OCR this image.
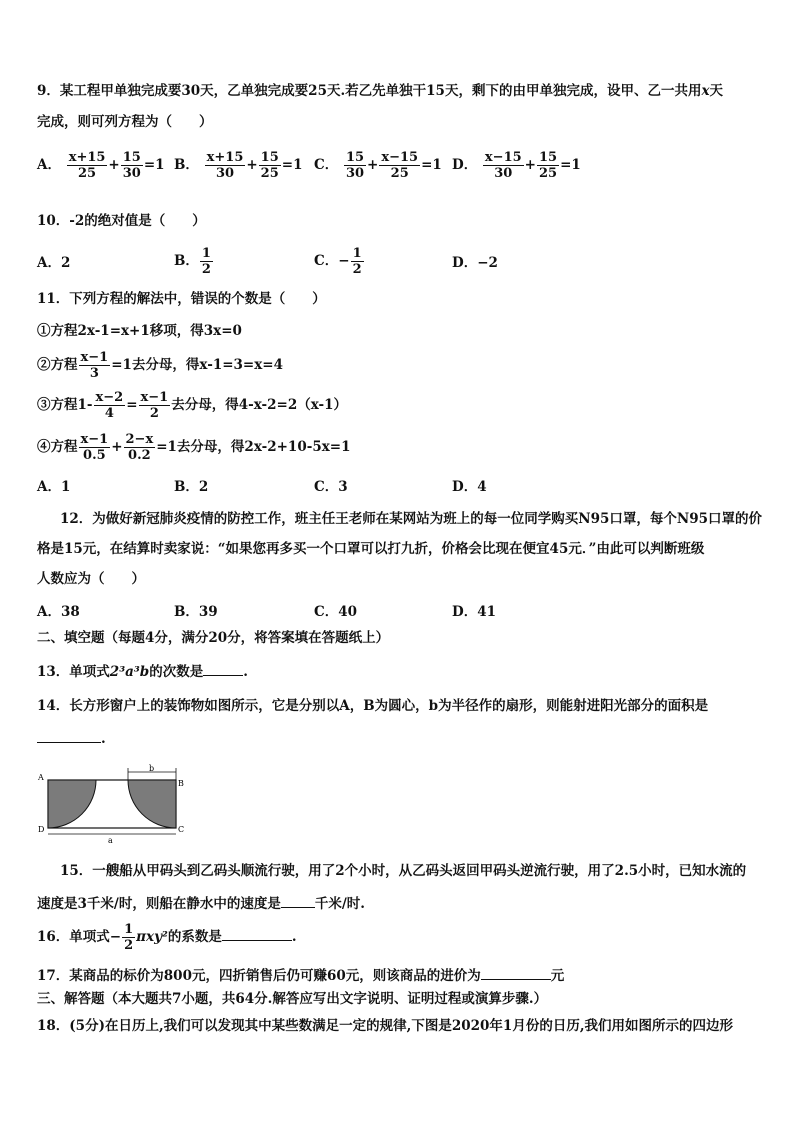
9．某工程甲单独完成要30天，乙单独完成要25天.若乙先单独干15天，剩下的由甲单独完成，设甲、乙一共用x天
完成，则可列方程为（　　）
A． $\frac{x+15}{25} + \frac{15}{30} =1$ B． $\frac{x+15}{30} + \frac{15}{25} =1$ C． $\frac{15}{30} + \frac{x-15}{25} =1$ D． $\frac{x-15}{30} + \frac{15}{25} =1$
10．-2的绝对值是（　　）
A．2	B． $\frac{1}{2}$	C．− $\frac{1}{2}$	D．−2
11．下列方程的解法中，错误的个数是（　　）
①方程2x-1=x+1移项，得3x=0
②方程 $\frac{x-1}{3} =1$去分母，得x-1=3=x=4
③方程$1- \frac{x-2}{4} = \frac{x-1}{2}$ 去分母，得4-x-2=2（x-1）
④方程 $\frac{x-1}{0.5} + \frac{2-x}{0.2} =1$去分母，得2x-2+10-5x=1
A．1	B．2	C．3	D．4
12．为做好新冠肺炎疫情的防控工作，班主任王老师在某网站为班上的每一位同学购买N95口罩，每个N95口罩的价
格是15元，在结算时卖家说：“如果您再多买一个口罩可以打九折，价格会比现在便宜45元．”由此可以判断班级
人数应为（　　）
A．38	B．39	C．40	D．41
二、填空题（每题4分，满分20分，将答案填在答题纸上）
13．单项式2³a³b的次数是	.
14．长方形窗户上的装饰物如图所示，它是分别以A，B为圆心，b为半径作的扇形，则能射进阳光部分的面积是
.
A
B
C
D
b
a
15．一艘船从甲码头到乙码头顺流行驶，用了2个小时，从乙码头返回甲码头逆流行驶，用了2.5小时，已知水流的
速度是3千米/时，则船在静水中的速度是	千米/时.
16．单项式− $\frac{1}{2} \pi xy^2$的系数是	.
17．某商品的标价为800元，四折销售后仍可赚60元，则该商品的进价为	元
三、解答题（本大题共7小题，共64分.解答应写出文字说明、证明过程或演算步骤.）
18．(5分)在日历上,我们可以发现其中某些数满足一定的规律,下图是2020年1月份的日历,我们用如图所示的四边形
